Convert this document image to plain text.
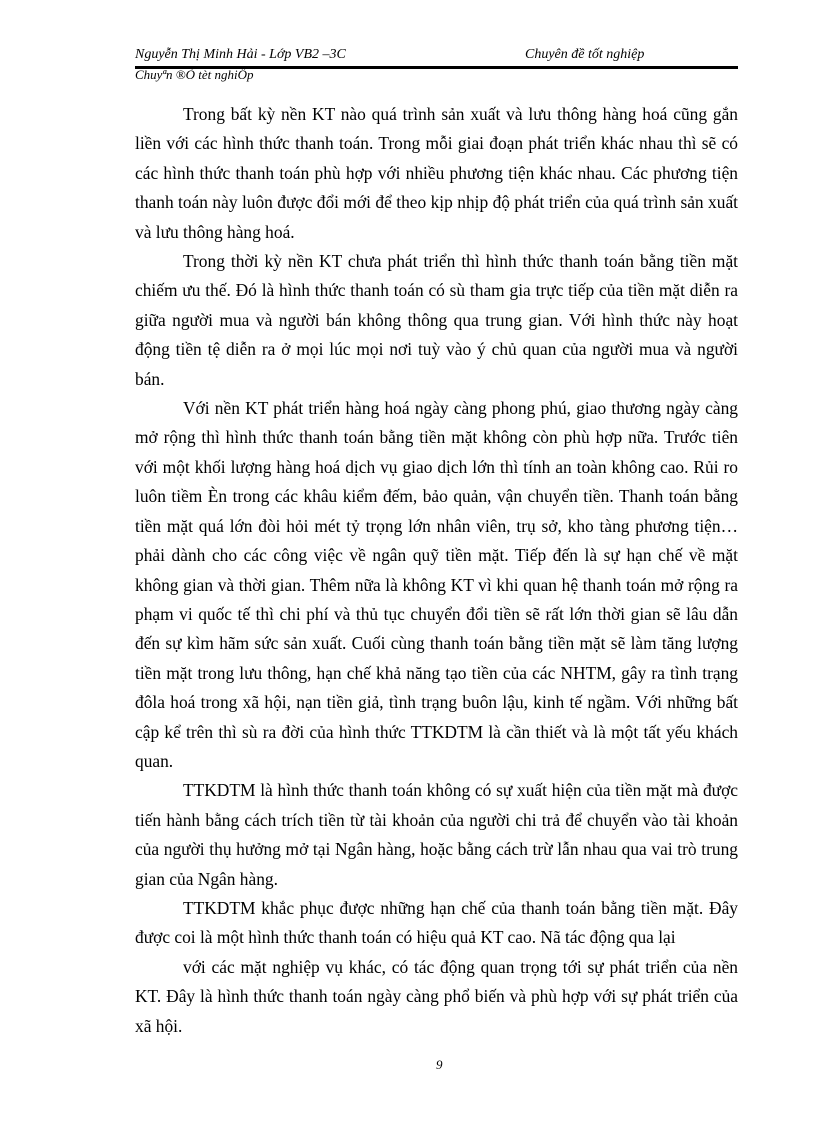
Nguyễn Thị Minh Hải - Lớp VB2 –3C	Chuyên đề tốt nghiệp
Chuyªn ®Ò tèt nghiÖp

Trong bất kỳ nền KT nào quá trình sản xuất và lưu thông hàng hoá cũng gắn liền với các hình thức thanh toán. Trong mỗi giai đoạn phát triển khác nhau thì sẽ có các hình thức thanh toán phù hợp với nhiều phương tiện khác nhau. Các phương tiện thanh toán này luôn được đổi mới để theo kịp nhịp độ phát triển của quá trình sản xuất và lưu thông hàng hoá.

Trong thời kỳ nền KT chưa phát triển thì hình thức thanh toán bằng tiền mặt chiếm ưu thế. Đó là hình thức thanh toán có sù tham gia trực tiếp của tiền mặt diễn ra giữa người mua và người bán không thông qua trung gian. Với hình thức này hoạt động tiền tệ diễn ra ở mọi lúc mọi nơi tuỳ vào ý chủ quan của người mua và người bán.

Với nền KT phát triển hàng hoá ngày càng phong phú, giao thương ngày càng mở rộng thì hình thức thanh toán bằng tiền mặt không còn phù hợp nữa. Trước tiên với một khối lượng hàng hoá dịch vụ giao dịch lớn thì tính an toàn không cao. Rủi ro luôn tiềm Èn trong các khâu kiểm đếm, bảo quản, vận chuyển tiền. Thanh toán bằng tiền mặt quá lớn đòi hỏi mét tỷ trọng lớn nhân viên, trụ sở, kho tàng phương tiện…phải dành cho các công việc về ngân quỹ tiền mặt. Tiếp đến là sự hạn chế về mặt không gian và thời gian. Thêm nữa là không KT vì khi quan hệ thanh toán mở rộng ra phạm vi quốc tế thì chi phí và thủ tục chuyển đổi tiền sẽ rất lớn thời gian sẽ lâu dẫn đến sự kìm hãm sức sản xuất. Cuối cùng thanh toán bằng tiền mặt sẽ làm tăng lượng tiền mặt trong lưu thông, hạn chế khả năng tạo tiền của các NHTM, gây ra tình trạng đôla hoá trong xã hội, nạn tiền giả, tình trạng buôn lậu, kinh tế ngầm. Với những bất cập kể trên thì sù ra đời của hình thức TTKDTM là cần thiết và là một tất yếu khách quan.

TTKDTM là hình thức thanh toán không có sự xuất hiện của tiền mặt mà được tiến hành bằng cách trích tiền từ tài khoản của người chi trả để chuyển vào tài khoản của người thụ hưởng mở tại Ngân hàng, hoặc bằng cách trừ lẫn nhau qua vai trò trung gian của Ngân hàng.

TTKDTM khắc phục được những hạn chế của thanh toán bằng tiền mặt. Đây được coi là một hình thức thanh toán có hiệu quả KT cao. Nã tác động qua lại

với các mặt nghiệp vụ khác, có tác động quan trọng tới sự phát triển của nền KT. Đây là hình thức thanh toán ngày càng phổ biến và phù hợp với sự phát triển của xã hội.

9
